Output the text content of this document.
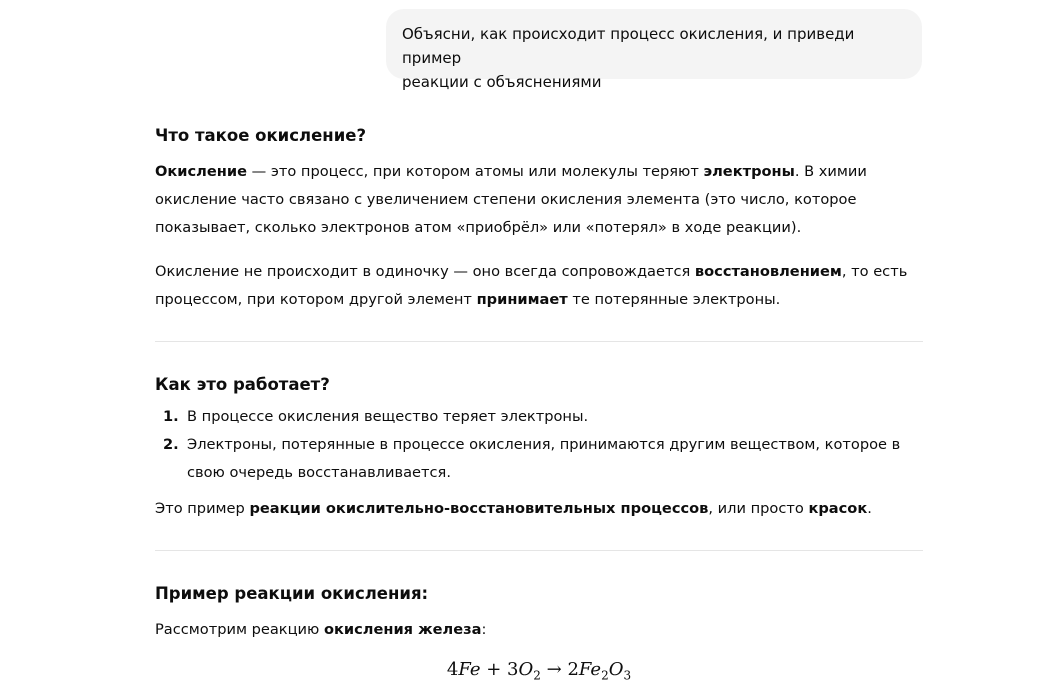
Объясни, как происходит процесс окисления, и приведи пример
реакции с объяснениями
Что такое окисление?

Окисление — это процесс, при котором атомы или молекулы теряют электроны. В химии окисление часто связано с увеличением степени окисления элемента (это число, которое показывает, сколько электронов атом «приобрёл» или «потерял» в ходе реакции).

Окисление не происходит в одиночку — оно всегда сопровождается восстановлением, то есть процессом, при котором другой элемент принимает те потерянные электроны.

Как это работает?
1. В процессе окисления вещество теряет электроны.
2. Электроны, потерянные в процессе окисления, принимаются другим веществом, которое в свою очередь восстанавливается.

Это пример реакции окислительно-восстановительных процессов, или просто красок.

Пример реакции окисления:

Рассмотрим реакцию окисления железа:

$4Fe + 3O_2 \to 2Fe_2O_3$
